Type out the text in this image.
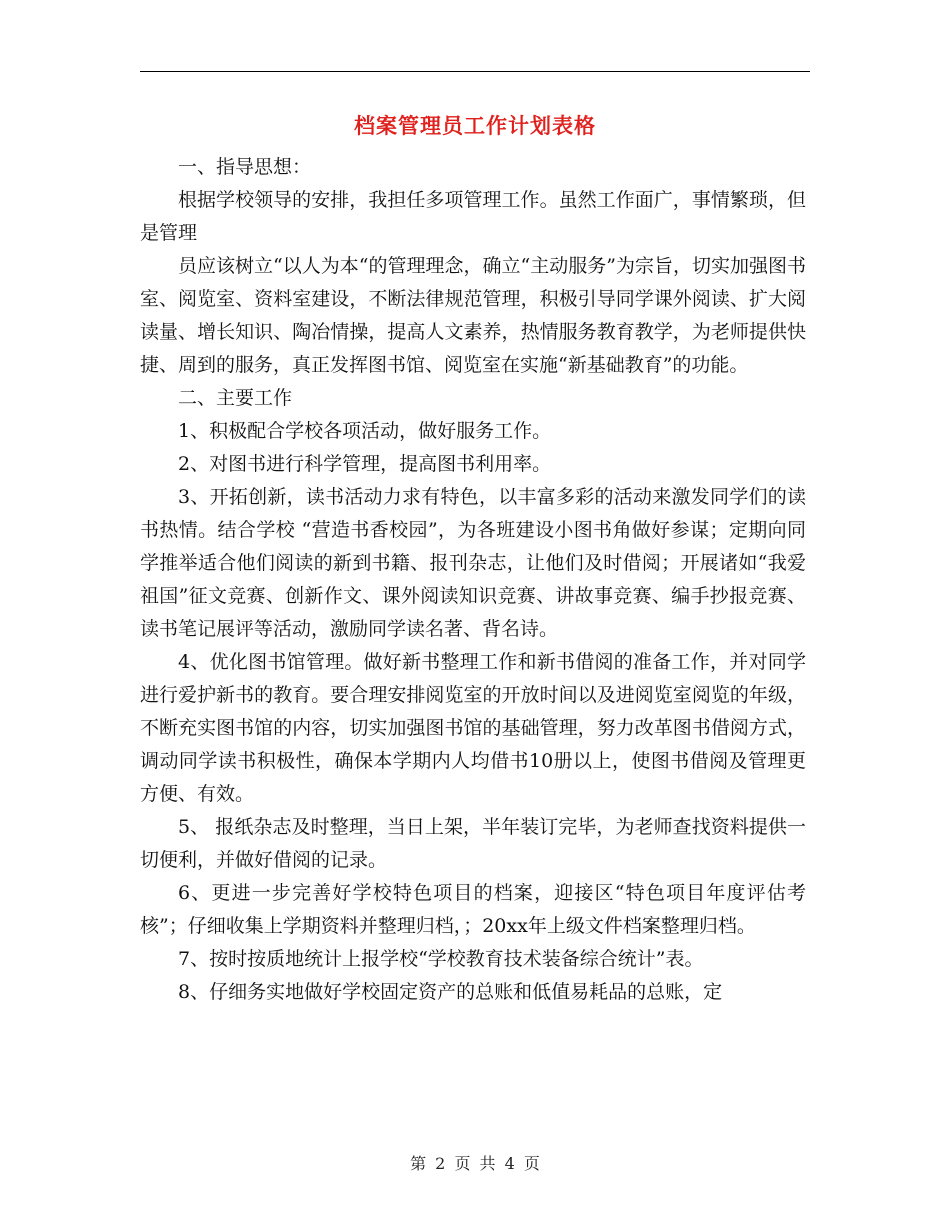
档案管理员工作计划表格

一、指导思想：

根据学校领导的安排，我担任多项管理工作。虽然工作面广，事情繁琐，但是管理

员应该树立“以人为本“的管理理念，确立“主动服务”为宗旨，切实加强图书室、阅览室、资料室建设，不断法律规范管理，积极引导同学课外阅读、扩大阅读量、增长知识、陶冶情操，提高人文素养，热情服务教育教学，为老师提供快捷、周到的服务，真正发挥图书馆、阅览室在实施“新基础教育”的功能。

二、主要工作

1、积极配合学校各项活动，做好服务工作。

2、对图书进行科学管理，提高图书利用率。

3、开拓创新，读书活动力求有特色，以丰富多彩的活动来激发同学们的读书热情。结合学校 “营造书香校园”，为各班建设小图书角做好参谋；定期向同学推举适合他们阅读的新到书籍、报刊杂志，让他们及时借阅；开展诸如“我爱祖国”征文竞赛、创新作文、课外阅读知识竞赛、讲故事竞赛、编手抄报竞赛、读书笔记展评等活动，激励同学读名著、背名诗。

4、优化图书馆管理。做好新书整理工作和新书借阅的准备工作，并对同学进行爱护新书的教育。要合理安排阅览室的开放时间以及进阅览室阅览的年级，不断充实图书馆的内容，切实加强图书馆的基础管理，努力改革图书借阅方式，调动同学读书积极性，确保本学期内人均借书10册以上，使图书借阅及管理更方便、有效。

5、 报纸杂志及时整理，当日上架，半年装订完毕，为老师查找资料提供一切便利，并做好借阅的记录。

6、更进一步完善好学校特色项目的档案，迎接区“特色项目年度评估考核”；仔细收集上学期资料并整理归档，；20xx年上级文件档案整理归档。

7、按时按质地统计上报学校“学校教育技术装备综合统计”表。

8、仔细务实地做好学校固定资产的总账和低值易耗品的总账，定

第 2 页 共 4 页
